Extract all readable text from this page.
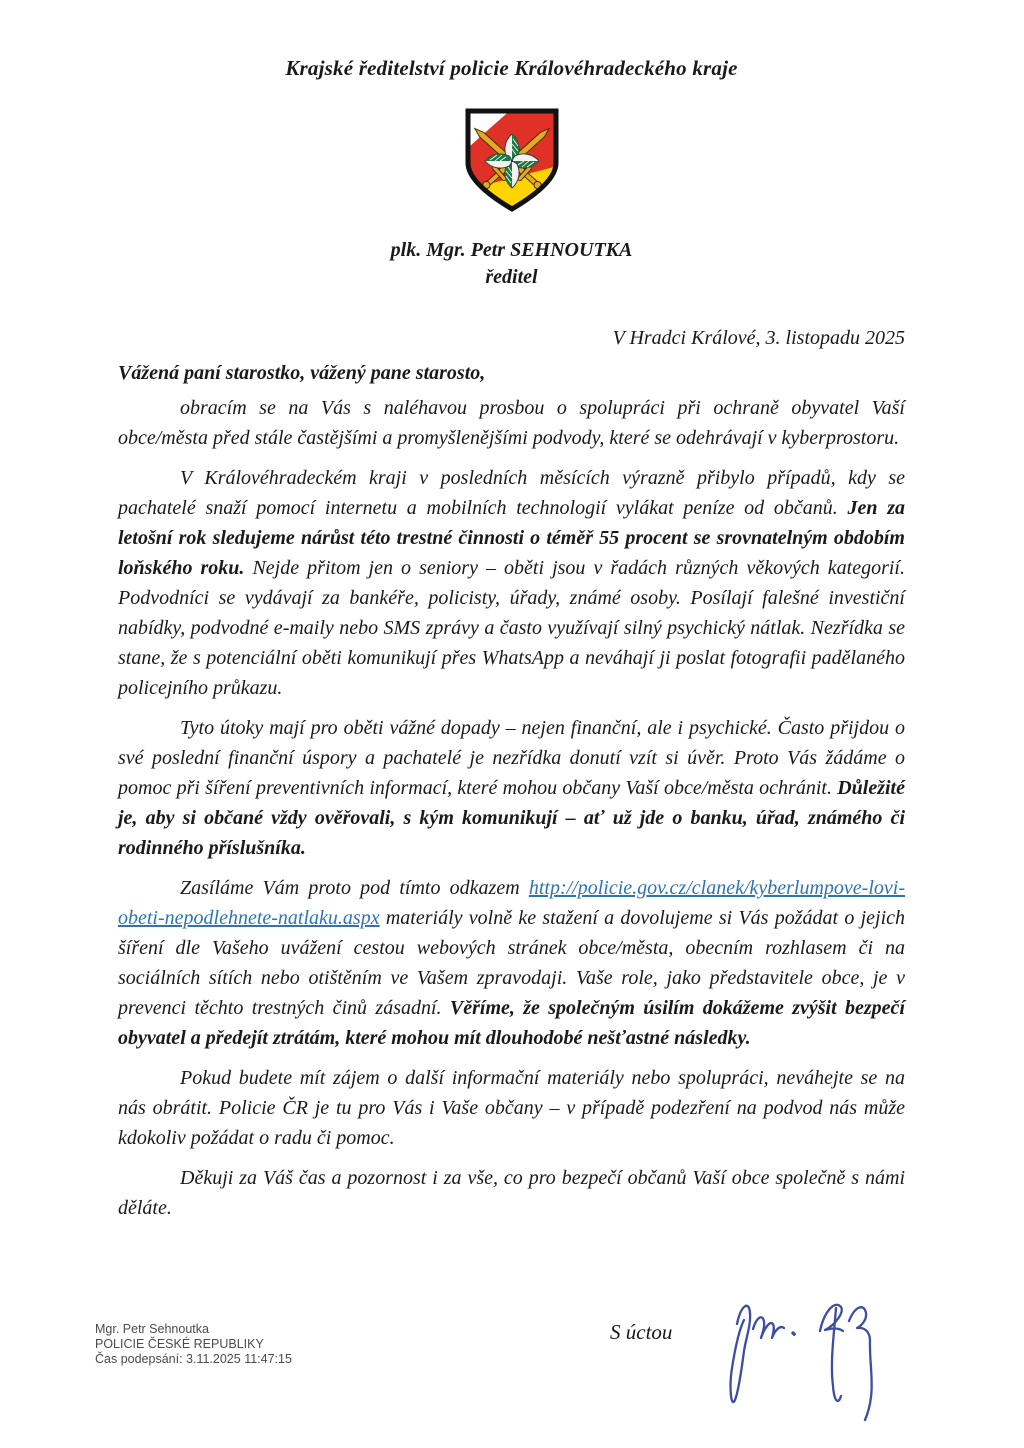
Krajské ředitelství policie Královéhradeckého kraje
plk. Mgr. Petr SEHNOUTKA
ředitel
V Hradci Králové, 3. listopadu 2025
Vážená paní starostko, vážený pane starosto,

obracím se na Vás s naléhavou prosbou o spolupráci při ochraně obyvatel Vaší obce/města před stále častějšími a promyšlenějšími podvody, které se odehrávají v kyberprostoru.

V Královéhradeckém kraji v posledních měsících výrazně přibylo případů, kdy se pachatelé snaží pomocí internetu a mobilních technologií vylákat peníze od občanů. Jen za letošní rok sledujeme nárůst této trestné činnosti o téměř 55 procent se srovnatelným obdobím loňského roku. Nejde přitom jen o seniory – oběti jsou v řadách různých věkových kategorií. Podvodníci se vydávají za bankéře, policisty, úřady, známé osoby. Posílají falešné investiční nabídky, podvodné e-maily nebo SMS zprávy a často využívají silný psychický nátlak. Nezřídka se stane, že s potenciální oběti komunikují přes WhatsApp a neváhají ji poslat fotografii padělaného policejního průkazu.

Tyto útoky mají pro oběti vážné dopady – nejen finanční, ale i psychické. Často přijdou o své poslední finanční úspory a pachatelé je nezřídka donutí vzít si úvěr. Proto Vás žádáme o pomoc při šíření preventivních informací, které mohou občany Vaší obce/města ochránit. Důležité je, aby si občané vždy ověřovali, s kým komunikují – ať už jde o banku, úřad, známého či rodinného příslušníka.

Zasíláme Vám proto pod tímto odkazem http://policie.gov.cz/clanek/kyberlumpove-lovi-obeti-nepodlehnete-natlaku.aspx materiály volně ke stažení a dovolujeme si Vás požádat o jejich šíření dle Vašeho uvážení cestou webových stránek obce/města, obecním rozhlasem či na sociálních sítích nebo otištěním ve Vašem zpravodaji. Vaše role, jako představitele obce, je v prevenci těchto trestných činů zásadní. Věříme, že společným úsilím dokážeme zvýšit bezpečí obyvatel a předejít ztrátám, které mohou mít dlouhodobé nešťastné následky.

Pokud budete mít zájem o další informační materiály nebo spolupráci, neváhejte se na nás obrátit. Policie ČR je tu pro Vás i Vaše občany – v případě podezření na podvod nás může kdokoliv požádat o radu či pomoc.

Děkuji za Váš čas a pozornost i za vše, co pro bezpečí občanů Vaší obce společně s námi děláte.

Mgr. Petr Sehnoutka
POLICIE ČESKÉ REPUBLIKY
Čas podepsání: 3.11.2025 11:47:15
S úctou
